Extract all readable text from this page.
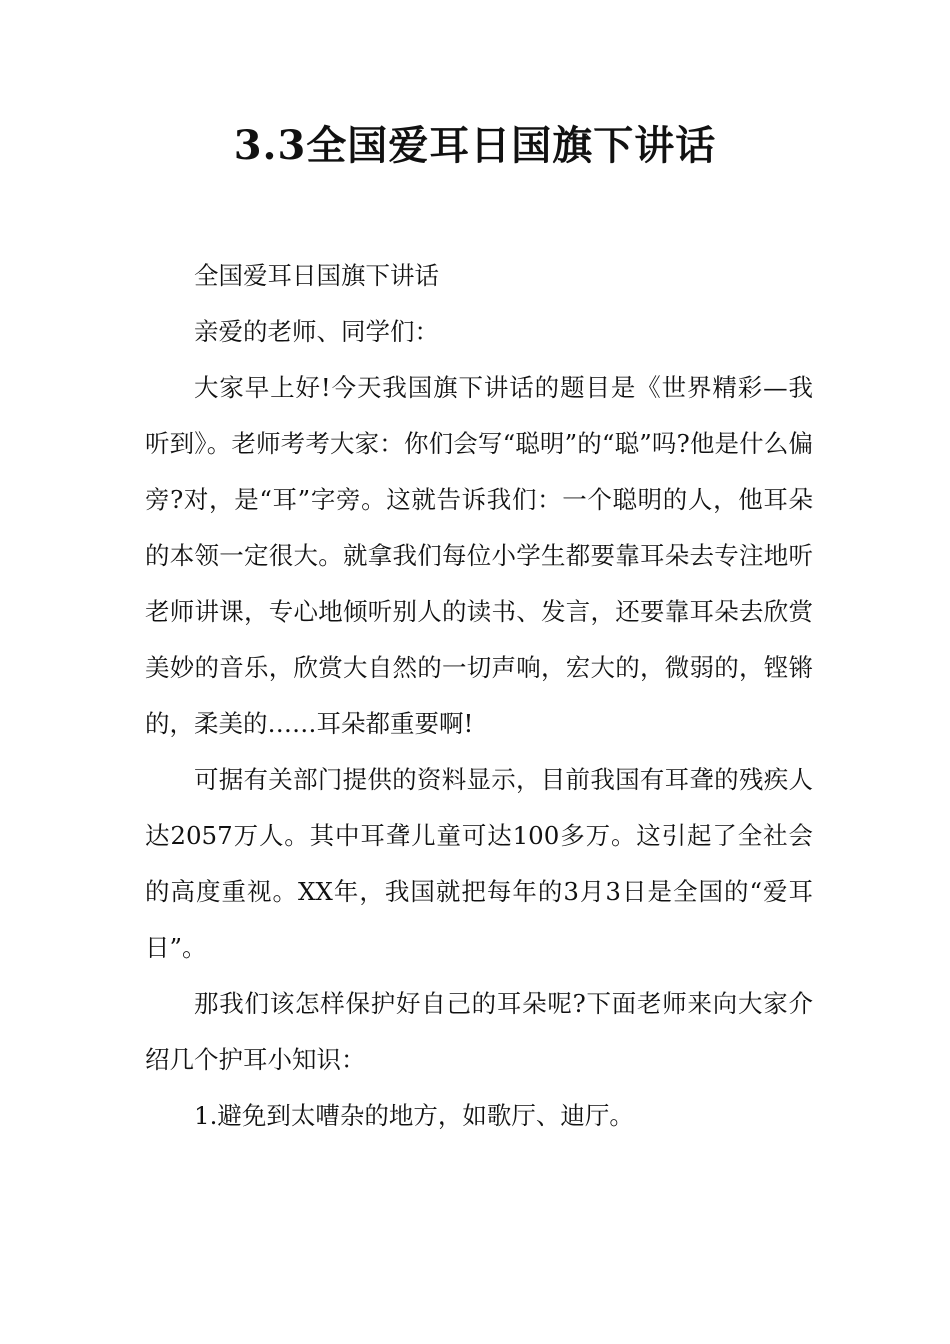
3.3全国爱耳日国旗下讲话

全国爱耳日国旗下讲话

亲爱的老师、同学们：

大家早上好!今天我国旗下讲话的题目是《世界精彩—我听到》。老师考考大家：你们会写“聪明”的“聪”吗?他是什么偏旁?对，是“耳”字旁。这就告诉我们：一个聪明的人，他耳朵的本领一定很大。就拿我们每位小学生都要靠耳朵去专注地听老师讲课，专心地倾听别人的读书、发言，还要靠耳朵去欣赏美妙的音乐，欣赏大自然的一切声响，宏大的，微弱的，铿锵的，柔美的……耳朵都重要啊!

可据有关部门提供的资料显示，目前我国有耳聋的残疾人达2057万人。其中耳聋儿童可达100多万。这引起了全社会的高度重视。XX年，我国就把每年的3月3日是全国的“爱耳日”。

那我们该怎样保护好自己的耳朵呢?下面老师来向大家介绍几个护耳小知识：

1.避免到太嘈杂的地方，如歌厅、迪厅。
